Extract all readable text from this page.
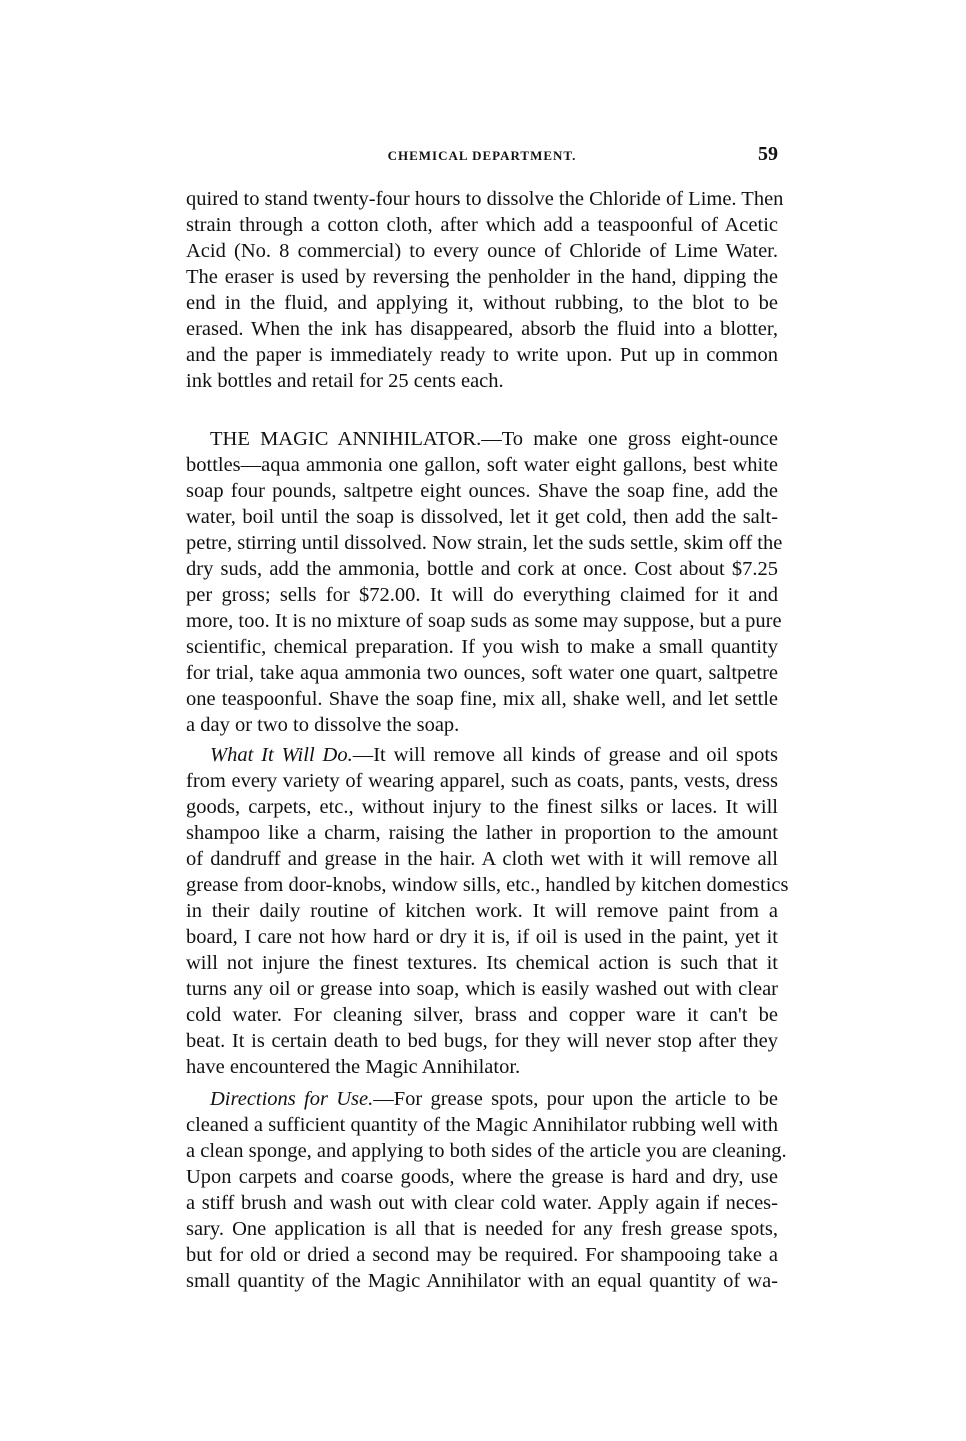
CHEMICAL DEPARTMENT.	59
quired to stand twenty-four hours to dissolve the Chloride of Lime. Then
strain through a cotton cloth, after which add a teaspoonful of Acetic
Acid (No. 8 commercial) to every ounce of Chloride of Lime Water.
The eraser is used by reversing the penholder in the hand, dipping the
end in the fluid, and applying it, without rubbing, to the blot to be
erased. When the ink has disappeared, absorb the fluid into a blotter,
and the paper is immediately ready to write upon. Put up in common
ink bottles and retail for 25 cents each.
THE MAGIC ANNIHILATOR.—To make one gross eight-ounce
bottles—aqua ammonia one gallon, soft water eight gallons, best white
soap four pounds, saltpetre eight ounces. Shave the soap fine, add the
water, boil until the soap is dissolved, let it get cold, then add the salt-
petre, stirring until dissolved. Now strain, let the suds settle, skim off the
dry suds, add the ammonia, bottle and cork at once. Cost about $7.25
per gross; sells for $72.00. It will do everything claimed for it and
more, too. It is no mixture of soap suds as some may suppose, but a pure
scientific, chemical preparation. If you wish to make a small quantity
for trial, take aqua ammonia two ounces, soft water one quart, saltpetre
one teaspoonful. Shave the soap fine, mix all, shake well, and let settle
a day or two to dissolve the soap.
What It Will Do.—It will remove all kinds of grease and oil spots
from every variety of wearing apparel, such as coats, pants, vests, dress
goods, carpets, etc., without injury to the finest silks or laces. It will
shampoo like a charm, raising the lather in proportion to the amount
of dandruff and grease in the hair. A cloth wet with it will remove all
grease from door-knobs, window sills, etc., handled by kitchen domestics
in their daily routine of kitchen work. It will remove paint from a
board, I care not how hard or dry it is, if oil is used in the paint, yet it
will not injure the finest textures. Its chemical action is such that it
turns any oil or grease into soap, which is easily washed out with clear
cold water. For cleaning silver, brass and copper ware it can't be
beat. It is certain death to bed bugs, for they will never stop after they
have encountered the Magic Annihilator.
Directions for Use.—For grease spots, pour upon the article to be
cleaned a sufficient quantity of the Magic Annihilator rubbing well with
a clean sponge, and applying to both sides of the article you are cleaning.
Upon carpets and coarse goods, where the grease is hard and dry, use
a stiff brush and wash out with clear cold water. Apply again if neces-
sary. One application is all that is needed for any fresh grease spots,
but for old or dried a second may be required. For shampooing take a
small quantity of the Magic Annihilator with an equal quantity of wa-
